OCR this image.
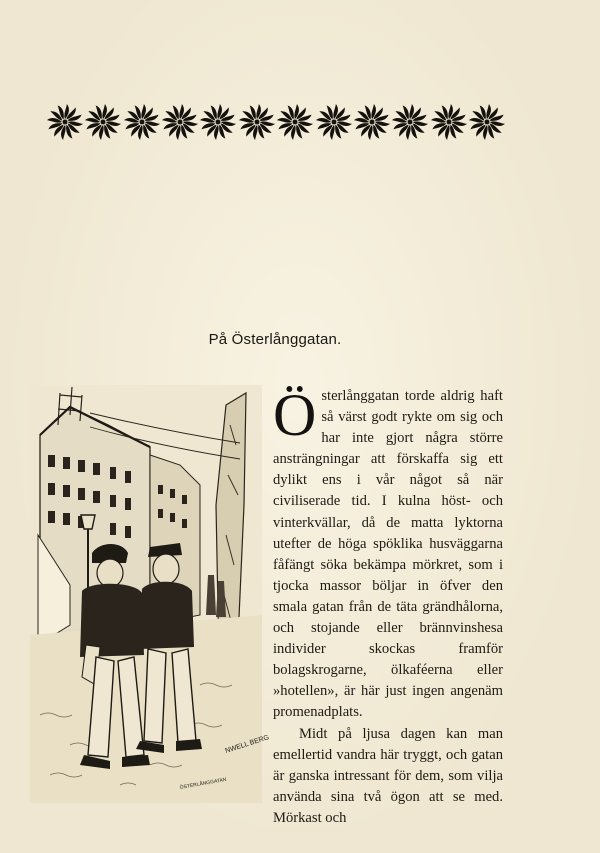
På Österlånggatan.
NWELL BERG
ÖSTERLÅNGGATAN

Österlånggatan torde aldrig haft så värst godt rykte om sig och har inte gjort några större ansträngningar att förskaffa sig ett dylikt ens i vår något så när civiliserade tid. I kulna höst- och vinterkvällar, då de matta lyktorna utefter de höga spöklika husväggarna fåfängt söka bekämpa mörkret, som i tjocka massor böljar in öfver den smala gatan från de täta grändhålorna, och stojande eller brännvinshesa individer skockas framför bolagskrogarne, ölkaféerna eller »hotellen», är här just ingen angenäm promenadplats.

Midt på ljusa dagen kan man emellertid vandra här tryggt, och gatan är ganska intressant för dem, som vilja använda sina två ögon att se med. Mörkast och
